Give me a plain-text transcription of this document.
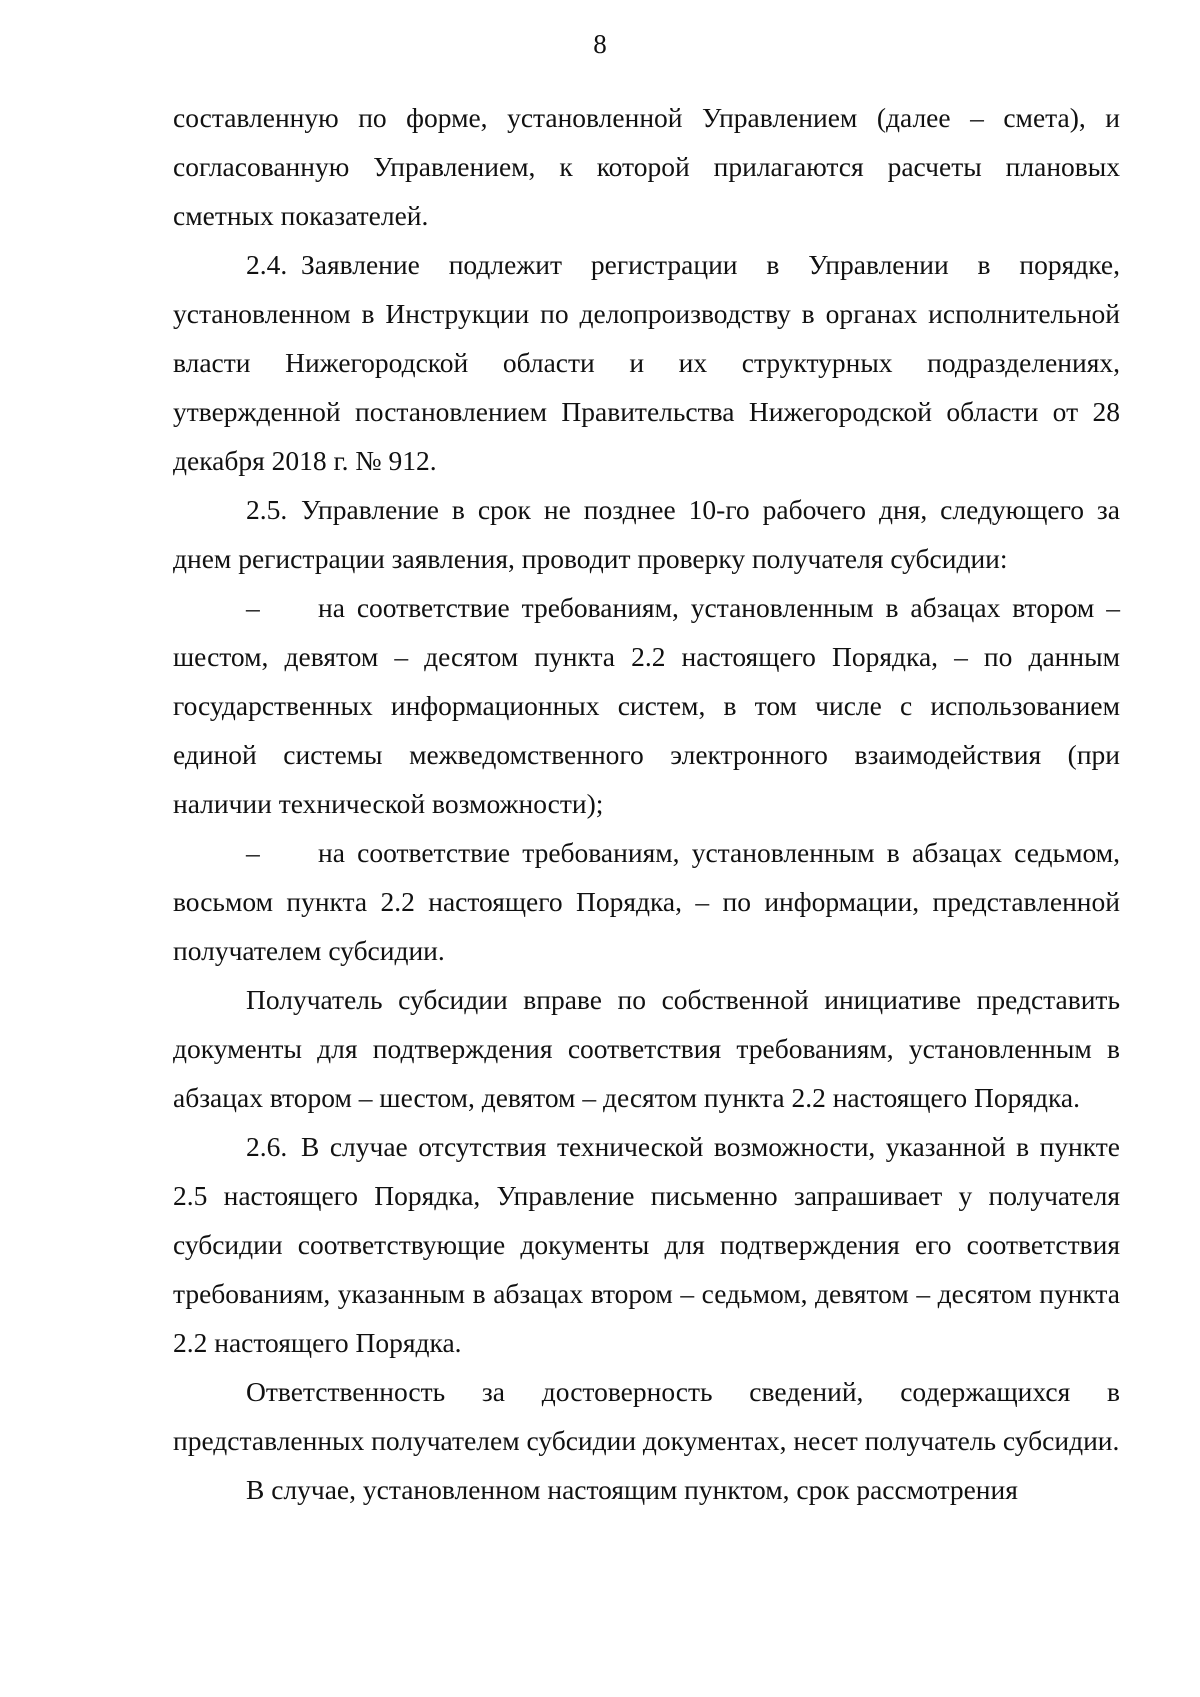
8

составленную по форме, установленной Управлением (далее – смета), и согласованную Управлением, к которой прилагаются расчеты плановых сметных показателей.

2.4. Заявление подлежит регистрации в Управлении в порядке, установленном в Инструкции по делопроизводству в органах исполнительной власти Нижегородской области и их структурных подразделениях, утвержденной постановлением Правительства Нижегородской области от 28 декабря 2018 г. № 912.

2.5. Управление в срок не позднее 10-го рабочего дня, следующего за днем регистрации заявления, проводит проверку получателя субсидии:

– на соответствие требованиям, установленным в абзацах втором – шестом, девятом – десятом пункта 2.2 настоящего Порядка, – по данным государственных информационных систем, в том числе с использованием единой системы межведомственного электронного взаимодействия (при наличии технической возможности);

– на соответствие требованиям, установленным в абзацах седьмом, восьмом пункта 2.2 настоящего Порядка, – по информации, представленной получателем субсидии.

Получатель субсидии вправе по собственной инициативе представить документы для подтверждения соответствия требованиям, установленным в абзацах втором – шестом, девятом – десятом пункта 2.2 настоящего Порядка.

2.6. В случае отсутствия технической возможности, указанной в пункте 2.5 настоящего Порядка, Управление письменно запрашивает у получателя субсидии соответствующие документы для подтверждения его соответствия требованиям, указанным в абзацах втором – седьмом, девятом – десятом пункта 2.2 настоящего Порядка.

Ответственность за достоверность сведений, содержащихся в представленных получателем субсидии документах, несет получатель субсидии.

В случае, установленном настоящим пунктом, срок рассмотрения
